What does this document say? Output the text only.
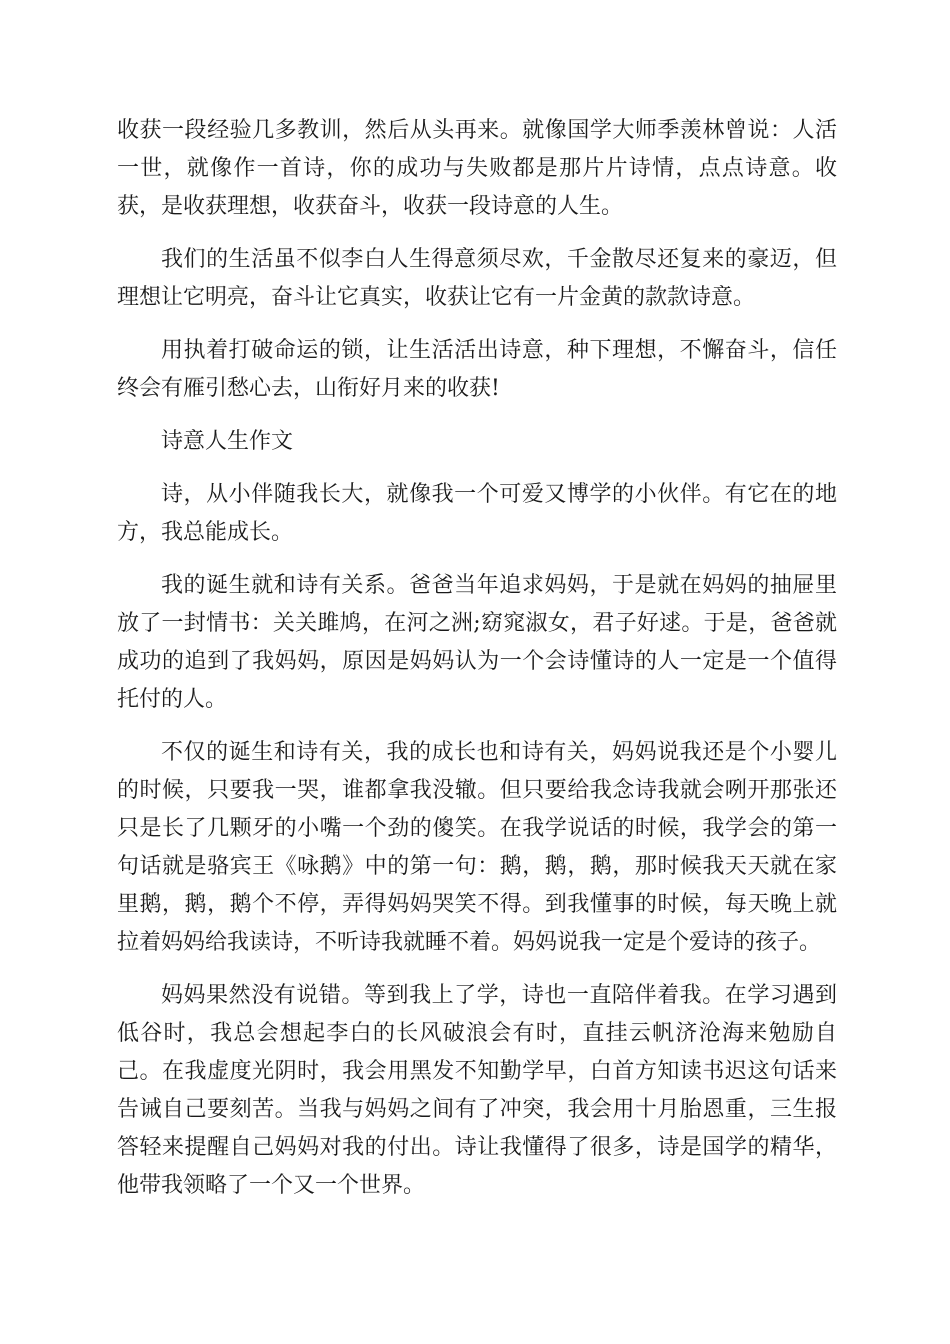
收获一段经验几多教训，然后从头再来。就像国学大师季羡林曾说：人活一世，就像作一首诗，你的成功与失败都是那片片诗情，点点诗意。收获，是收获理想，收获奋斗，收获一段诗意的人生。

我们的生活虽不似李白人生得意须尽欢，千金散尽还复来的豪迈，但理想让它明亮，奋斗让它真实，收获让它有一片金黄的款款诗意。

用执着打破命运的锁，让生活活出诗意，种下理想，不懈奋斗，信任终会有雁引愁心去，山衔好月来的收获!

诗意人生作文

诗，从小伴随我长大，就像我一个可爱又博学的小伙伴。有它在的地方，我总能成长。

我的诞生就和诗有关系。爸爸当年追求妈妈，于是就在妈妈的抽屉里放了一封情书：关关雎鸠，在河之洲;窈窕淑女，君子好逑。于是，爸爸就成功的追到了我妈妈，原因是妈妈认为一个会诗懂诗的人一定是一个值得托付的人。

不仅的诞生和诗有关，我的成长也和诗有关，妈妈说我还是个小婴儿的时候，只要我一哭，谁都拿我没辙。但只要给我念诗我就会咧开那张还只是长了几颗牙的小嘴一个劲的傻笑。在我学说话的时候，我学会的第一句话就是骆宾王《咏鹅》中的第一句：鹅，鹅，鹅，那时候我天天就在家里鹅，鹅，鹅个不停，弄得妈妈哭笑不得。到我懂事的时候，每天晚上就拉着妈妈给我读诗，不听诗我就睡不着。妈妈说我一定是个爱诗的孩子。

妈妈果然没有说错。等到我上了学，诗也一直陪伴着我。在学习遇到低谷时，我总会想起李白的长风破浪会有时，直挂云帆济沧海来勉励自己。在我虚度光阴时，我会用黑发不知勤学早，白首方知读书迟这句话来告诫自己要刻苦。当我与妈妈之间有了冲突，我会用十月胎恩重，三生报答轻来提醒自己妈妈对我的付出。诗让我懂得了很多，诗是国学的精华，他带我领略了一个又一个世界。
